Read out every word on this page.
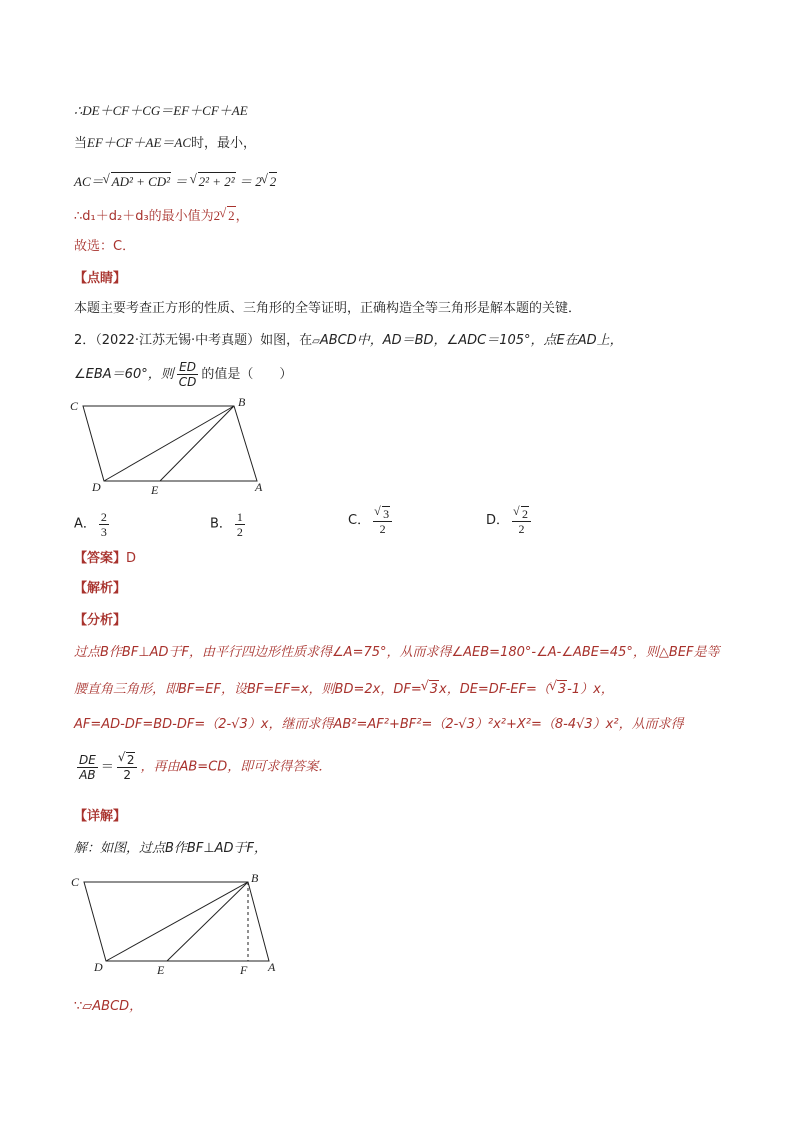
∴DE＋CF＋CG＝EF＋CF＋AE
当EF＋CF＋AE＝AC时，最小，
AC＝ √ AD² + CD² ＝ √ 2² + 2² ＝ 2 √ 2
∴d₁＋d₂＋d₃的最小值为2 √ 2，
故选：C．
【点睛】
本题主要考查正方形的性质、三角形的全等证明，正确构造全等三角形是解本题的关键．
2．（2022·江苏无锡·中考真题）如图，在▱ABCD中，AD＝BD，∠ADC＝105°，点E在AD上，
∠EBA＝60°，则 $\frac{ED}{CD}$ 的值是（　　）
C	B
D	E	A
A． $\frac{2}{3}$	B． $\frac{1}{2}$	C． √ $\frac{3}{2}$	D． √ $\frac{2}{2}$
【答案】D
【解析】
【分析】
过点B作BF⊥AD于F，由平行四边形性质求得∠A=75°，从而求得∠AEB=180°-∠A-∠ABE=45°，则△BEF是等
腰直角三角形，即BF=EF，设BF=EF=x，则BD=2x，DF= √ 3x，DE=DF-EF=（ √ 3-1）x，
AF=AD-DF=BD-DF=（2-√3）x，继而求得AB²=AF²+BF²=（2-√3）²x²+X²=（8-4√3）x²，从而求得
$\frac{DE}{AB}$ ＝ √ $\frac{2}{2}$ ，再由AB=CD，即可求得答案．
【详解】
解：如图，过点B作BF⊥AD于F，
C	B
D	E	F A
∵▱ABCD，
